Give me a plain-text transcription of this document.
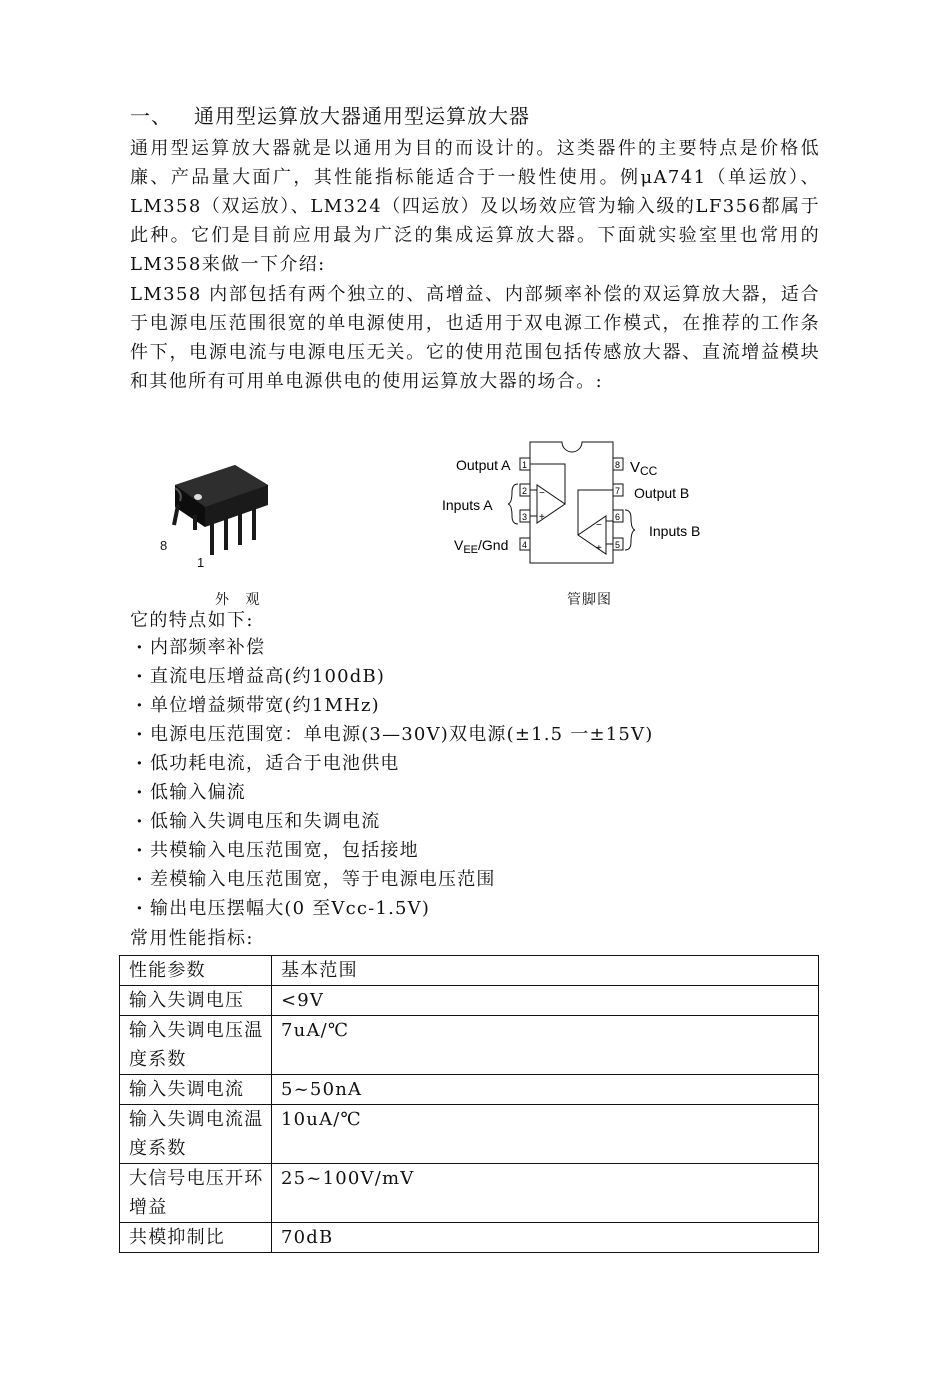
一、 通用型运算放大器通用型运算放大器
通用型运算放大器就是以通用为目的而设计的。这类器件的主要特点是价格低廉、产品量大面广，其性能指标能适合于一般性使用。例μA741（单运放）、LM358（双运放）、LM324（四运放）及以场效应管为输入级的LF356都属于此种。它们是目前应用最为广泛的集成运算放大器。下面就实验室里也常用的LM358来做一下介绍:
LM358 内部包括有两个独立的、高增益、内部频率补偿的双运算放大器，适合于电源电压范围很宽的单电源使用，也适用于双电源工作模式，在推荐的工作条件下，电源电流与电源电压无关。它的使用范围包括传感放大器、直流增益模块和其他所有可用单电源供电的使用运算放大器的场合。:
8
1
−
+
−
+
1
2
3
4	5
6
7
8
Output A
Inputs A
$V_{EE}$/Gnd
$V_{CC}$
Output B
Inputs B
外 观	管脚图
它的特点如下:
· 内部频率补偿
· 直流电压增益高(约100dB)
· 单位增益频带宽(约1MHz)
· 电源电压范围宽：单电源(3—30V)双电源(±1.5 一±15V)
· 低功耗电流，适合于电池供电
· 低输入偏流
· 低输入失调电压和失调电流
· 共模输入电压范围宽，包括接地
· 差模输入电压范围宽，等于电源电压范围
· 输出电压摆幅大(0 至Vcc-1.5V)
常用性能指标:
性能参数	基本范围
输入失调电压	<9V
输入失调电压温度系数	7uA/℃
输入失调电流	5~50nA
输入失调电流温度系数	10uA/℃
大信号电压开环增益	25~100V/mV
共模抑制比	70dB
